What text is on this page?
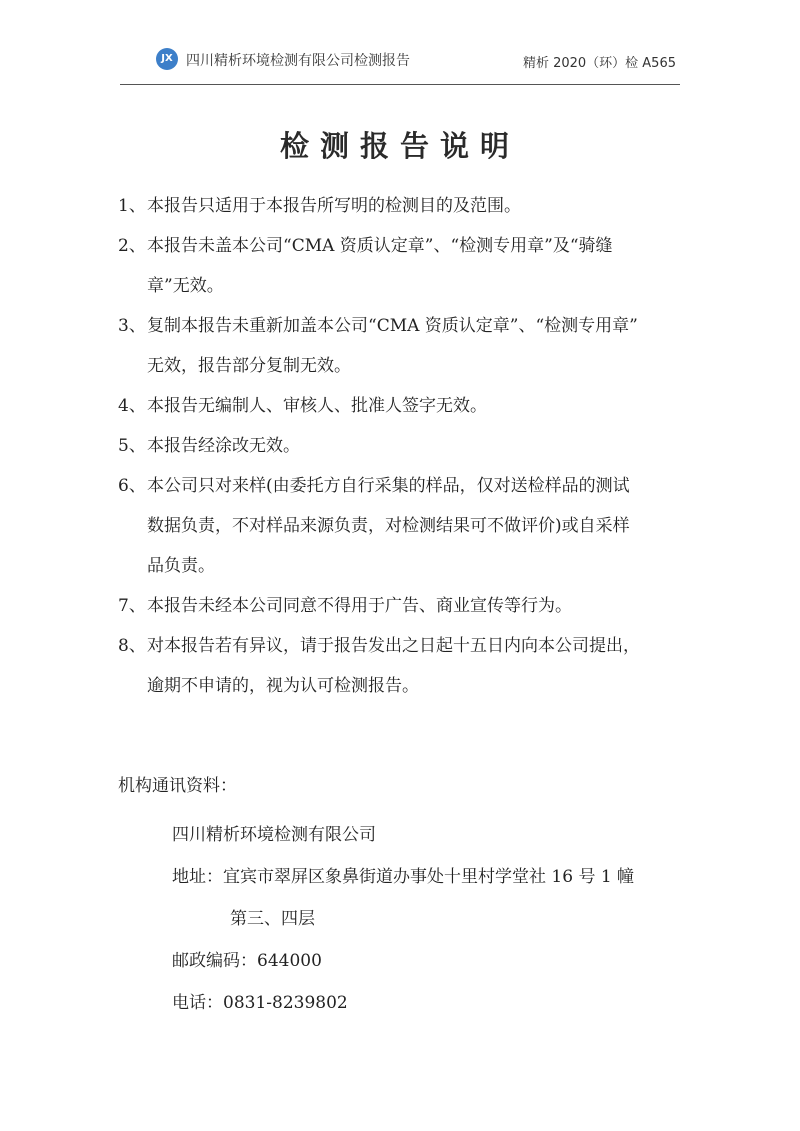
JX 四川精析环境检测有限公司检测报告	精析 2020（环）检 A565
检测报告说明
1、本报告只适用于本报告所写明的检测目的及范围。
2、本报告未盖本公司“CMA 资质认定章”、“检测专用章”及“骑缝
章”无效。
3、复制本报告未重新加盖本公司“CMA 资质认定章”、“检测专用章”
无效，报告部分复制无效。
4、本报告无编制人、审核人、批准人签字无效。
5、本报告经涂改无效。
6、本公司只对来样(由委托方自行采集的样品，仅对送检样品的测试
数据负责，不对样品来源负责，对检测结果可不做评价)或自采样
品负责。
7、本报告未经本公司同意不得用于广告、商业宣传等行为。
8、对本报告若有异议，请于报告发出之日起十五日内向本公司提出，
逾期不申请的，视为认可检测报告。
机构通讯资料：
四川精析环境检测有限公司
地址：宜宾市翠屏区象鼻街道办事处十里村学堂社 16 号 1 幢
第三、四层
邮政编码：644000
电话：0831-8239802
